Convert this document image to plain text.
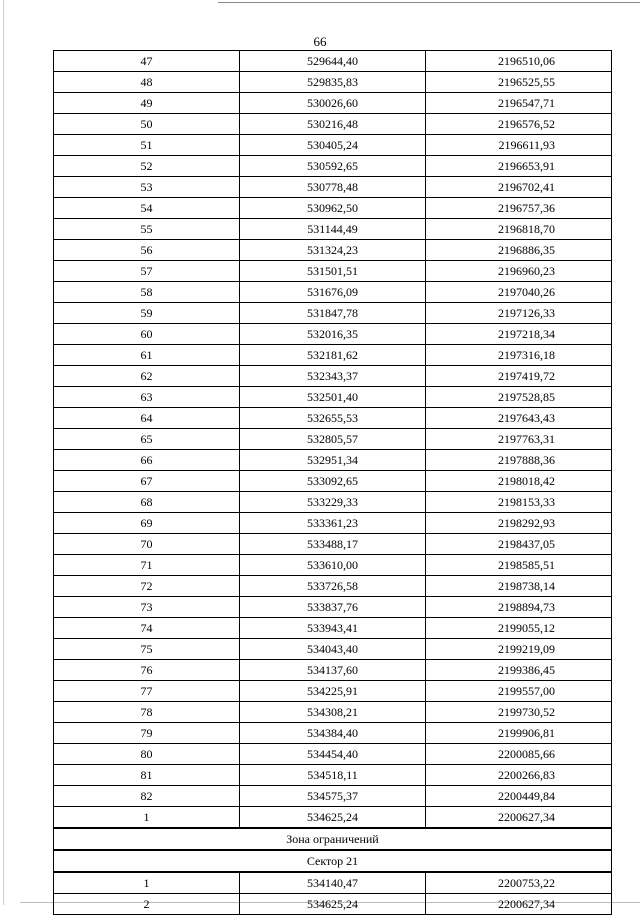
66
47	529644,40	2196510,06
48	529835,83	2196525,55
49	530026,60	2196547,71
50	530216,48	2196576,52
51	530405,24	2196611,93
52	530592,65	2196653,91
53	530778,48	2196702,41
54	530962,50	2196757,36
55	531144,49	2196818,70
56	531324,23	2196886,35
57	531501,51	2196960,23
58	531676,09	2197040,26
59	531847,78	2197126,33
60	532016,35	2197218,34
61	532181,62	2197316,18
62	532343,37	2197419,72
63	532501,40	2197528,85
64	532655,53	2197643,43
65	532805,57	2197763,31
66	532951,34	2197888,36
67	533092,65	2198018,42
68	533229,33	2198153,33
69	533361,23	2198292,93
70	533488,17	2198437,05
71	533610,00	2198585,51
72	533726,58	2198738,14
73	533837,76	2198894,73
74	533943,41	2199055,12
75	534043,40	2199219,09
76	534137,60	2199386,45
77	534225,91	2199557,00
78	534308,21	2199730,52
79	534384,40	2199906,81
80	534454,40	2200085,66
81	534518,11	2200266,83
82	534575,37	2200449,84
1	534625,24	2200627,34
Зона ограничений		
Сектор 21		
1	534140,47	2200753,22
2	534625,24	2200627,34
